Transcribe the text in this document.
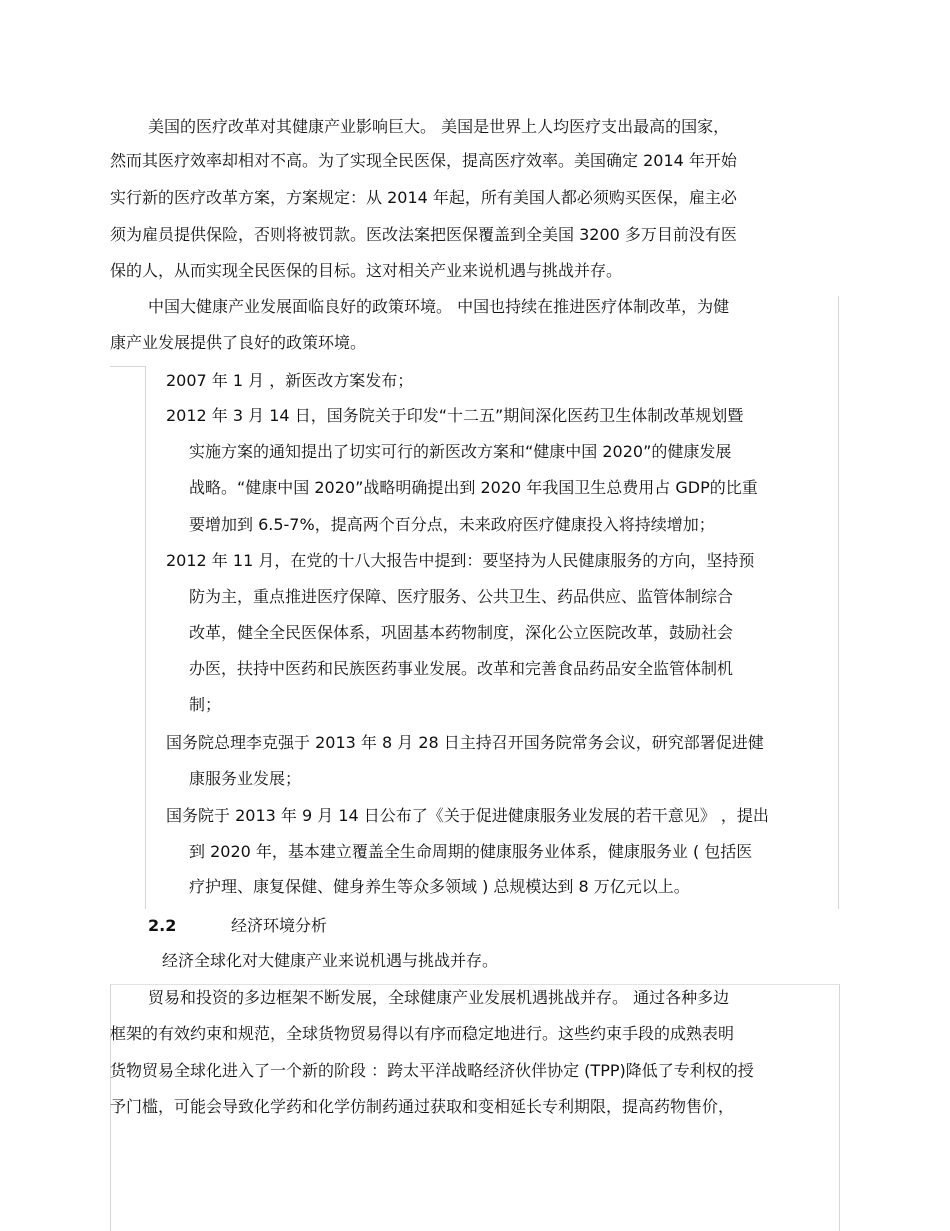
美国的医疗改革对其健康产业影响巨大。 美国是世界上人均医疗支出最高的国家，
然而其医疗效率却相对不高。为了实现全民医保，提高医疗效率。美国确定 2014 年开始
实行新的医疗改革方案，方案规定：从 2014 年起，所有美国人都必须购买医保，雇主必
须为雇员提供保险，否则将被罚款。医改法案把医保覆盖到全美国 3200 多万目前没有医
保的人，从而实现全民医保的目标。这对相关产业来说机遇与挑战并存。
中国大健康产业发展面临良好的政策环境。 中国也持续在推进医疗体制改革，为健
康产业发展提供了良好的政策环境。
2007 年 1 月 ，新医改方案发布；
2012 年 3 月 14 日，国务院关于印发“十二五”期间深化医药卫生体制改革规划暨
实施方案的通知提出了切实可行的新医改方案和“健康中国 2020”的健康发展
战略。“健康中国 2020”战略明确提出到 2020 年我国卫生总费用占 GDP的比重
要增加到 6.5-7%，提高两个百分点，未来政府医疗健康投入将持续增加；
2012 年 11 月，在党的十八大报告中提到：要坚持为人民健康服务的方向，坚持预
防为主，重点推进医疗保障、医疗服务、公共卫生、药品供应、监管体制综合
改革，健全全民医保体系，巩固基本药物制度，深化公立医院改革，鼓励社会
办医，扶持中医药和民族医药事业发展。改革和完善食品药品安全监管体制机
制；
国务院总理李克强于 2013 年 8 月 28 日主持召开国务院常务会议，研究部署促进健
康服务业发展；
国务院于 2013 年 9 月 14 日公布了《关于促进健康服务业发展的若干意见》 ，提出
到 2020 年，基本建立覆盖全生命周期的健康服务业体系，健康服务业 ( 包括医
疗护理、康复保健、健身养生等众多领域 ) 总规模达到 8 万亿元以上。
2.2	经济环境分析
经济全球化对大健康产业来说机遇与挑战并存。
贸易和投资的多边框架不断发展，全球健康产业发展机遇挑战并存。 通过各种多边
框架的有效约束和规范，全球货物贸易得以有序而稳定地进行。这些约束手段的成熟表明
货物贸易全球化进入了一个新的阶段 ：跨太平洋战略经济伙伴协定 (TPP)降低了专利权的授
予门槛，可能会导致化学药和化学仿制药通过获取和变相延长专利期限，提高药物售价，
